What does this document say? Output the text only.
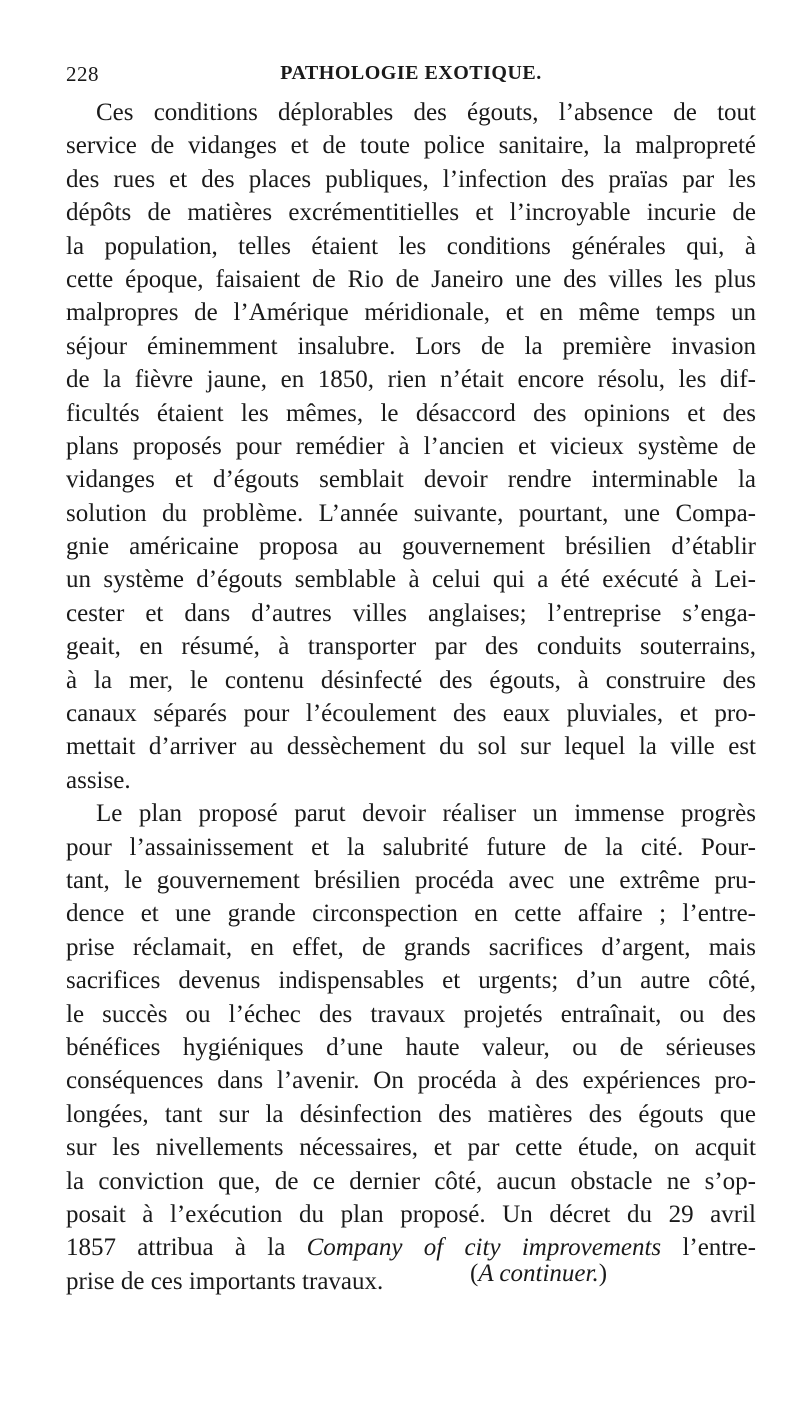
228	PATHOLOGIE EXOTIQUE.
Ces conditions déplorables des égouts, l’absence de tout
service de vidanges et de toute police sanitaire, la malpropreté
des rues et des places publiques, l’infection des praïas par les
dépôts de matières excrémentitielles et l’incroyable incurie de
la population, telles étaient les conditions générales qui, à
cette époque, faisaient de Rio de Janeiro une des villes les plus
malpropres de l’Amérique méridionale, et en même temps un
séjour éminemment insalubre. Lors de la première invasion
de la fièvre jaune, en 1850, rien n’était encore résolu, les dif-
ficultés étaient les mêmes, le désaccord des opinions et des
plans proposés pour remédier à l’ancien et vicieux système de
vidanges et d’égouts semblait devoir rendre interminable la
solution du problème. L’année suivante, pourtant, une Compa-
gnie américaine proposa au gouvernement brésilien d’établir
un système d’égouts semblable à celui qui a été exécuté à Lei-
cester et dans d’autres villes anglaises; l’entreprise s’enga-
geait, en résumé, à transporter par des conduits souterrains,
à la mer, le contenu désinfecté des égouts, à construire des
canaux séparés pour l’écoulement des eaux pluviales, et pro-
mettait d’arriver au dessèchement du sol sur lequel la ville est
assise.
Le plan proposé parut devoir réaliser un immense progrès
pour l’assainissement et la salubrité future de la cité. Pour-
tant, le gouvernement brésilien procéda avec une extrême pru-
dence et une grande circonspection en cette affaire ; l’entre-
prise réclamait, en effet, de grands sacrifices d’argent, mais
sacrifices devenus indispensables et urgents; d’un autre côté,
le succès ou l’échec des travaux projetés entraînait, ou des
bénéfices hygiéniques d’une haute valeur, ou de sérieuses
conséquences dans l’avenir. On procéda à des expériences pro-
longées, tant sur la désinfection des matières des égouts que
sur les nivellements nécessaires, et par cette étude, on acquit
la conviction que, de ce dernier côté, aucun obstacle ne s’op-
posait à l’exécution du plan proposé. Un décret du 29 avril
1857 attribua à la Company of city improvements l’entre-
prise de ces importants travaux.	(A continuer.)
